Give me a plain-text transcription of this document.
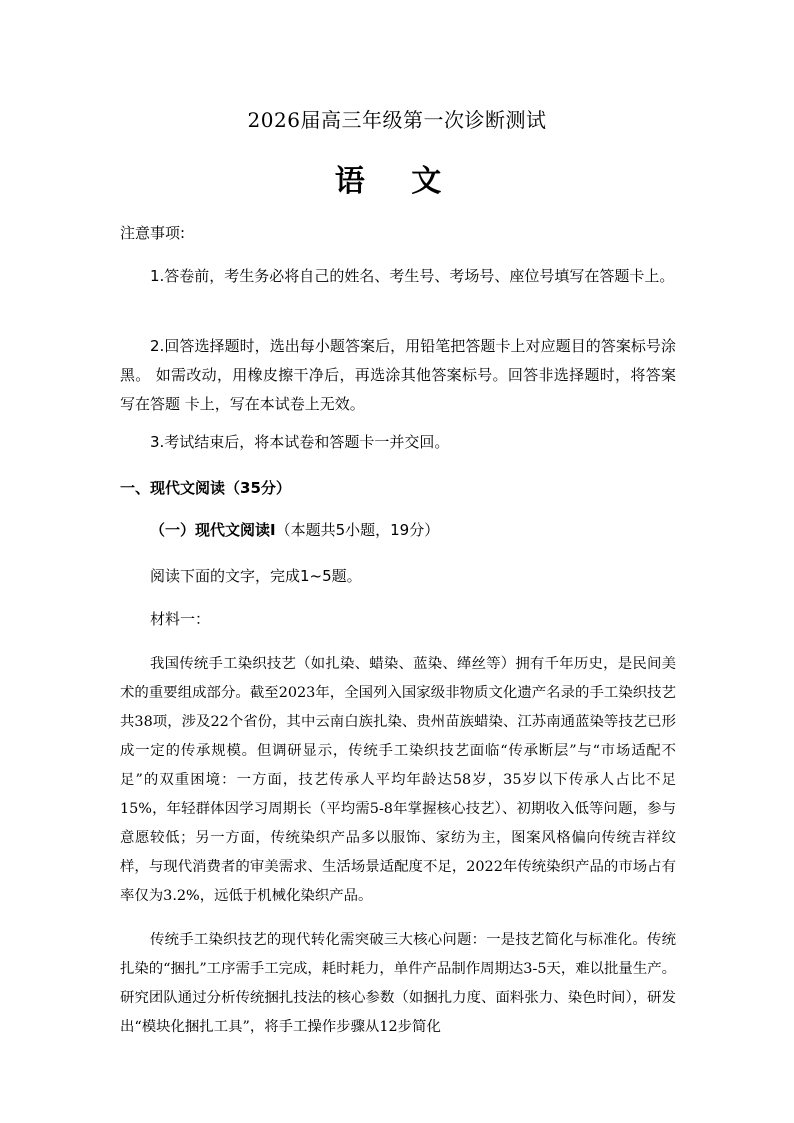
2026届高三年级第一次诊断测试
语 文
注意事项:
1.答卷前，考生务必将自己的姓名、考生号、考场号、座位号填写在答题卡上。
2.回答选择题时，选出每小题答案后，用铅笔把答题卡上对应题目的答案标号涂黑。 如需改动，用橡皮擦干净后，再选涂其他答案标号。回答非选择题时，将答案写在答题 卡上，写在本试卷上无效。
3.考试结束后，将本试卷和答题卡一并交回。
一、现代文阅读（35分）
（一）现代文阅读Ⅰ（本题共5小题，19分）
阅读下面的文字，完成1~5题。
材料一：
我国传统手工染织技艺（如扎染、蜡染、蓝染、缂丝等）拥有千年历史，是民间美术的重要组成部分。截至2023年，全国列入国家级非物质文化遗产名录的手工染织技艺共38项，涉及22个省份，其中云南白族扎染、贵州苗族蜡染、江苏南通蓝染等技艺已形成一定的传承规模。但调研显示，传统手工染织技艺面临“传承断层”与“市场适配不足”的双重困境：一方面，技艺传承人平均年龄达58岁，35岁以下传承人占比不足15%，年轻群体因学习周期长（平均需5-8年掌握核心技艺）、初期收入低等问题，参与意愿较低；另一方面，传统染织产品多以服饰、家纺为主，图案风格偏向传统吉祥纹样，与现代消费者的审美需求、生活场景适配度不足，2022年传统染织产品的市场占有率仅为3.2%，远低于机械化染织产品。
传统手工染织技艺的现代转化需突破三大核心问题：一是技艺简化与标准化。传统扎染的“捆扎”工序需手工完成，耗时耗力，单件产品制作周期达3-5天，难以批量生产。研究团队通过分析传统捆扎技法的核心参数（如捆扎力度、面料张力、染色时间），研发出“模块化捆扎工具”，将手工操作步骤从12步简化
